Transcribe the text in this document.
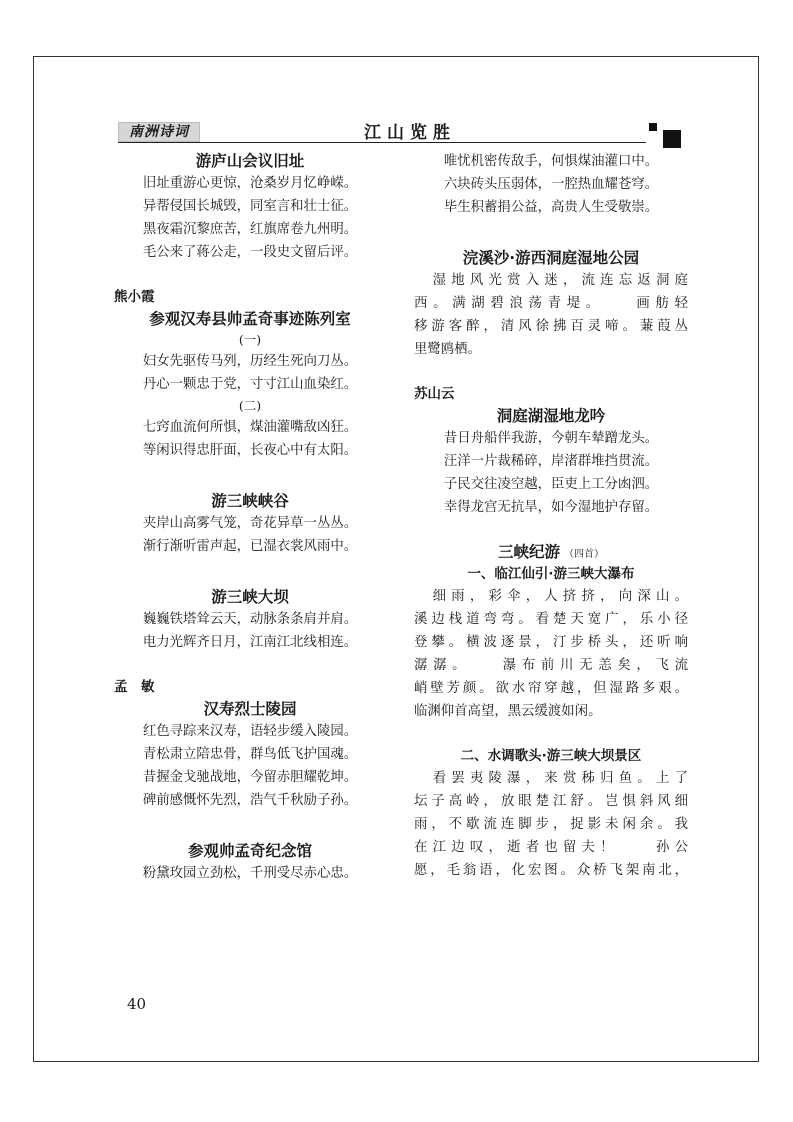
南洲诗词	江山览胜
游庐山会议旧址
旧址重游心更惊，沧桑岁月忆峥嵘。
异帮侵国长城毁，同室言和壮士征。
黑夜霜沉黎庶苦，红旗席卷九州明。
毛公来了蒋公走，一段史文留后评。
熊小霞
参观汉寿县帅孟奇事迹陈列室
(一)
妇女先驱传马列，历经生死向刀丛。
丹心一颗忠于党，寸寸江山血染红。
(二)
七窍血流何所惧，煤油灌嘴敌凶狂。
等闲识得忠肝面，长夜心中有太阳。
游三峡峡谷
夹岸山高雾气笼，奇花异草一丛丛。
渐行渐听雷声起，已湿衣裳风雨中。
游三峡大坝
巍巍铁塔耸云天，动脉条条肩并肩。
电力光辉齐日月，江南江北线相连。
孟　敏
汉寿烈士陵园
红色寻踪来汉寿，语轻步缓入陵园。
青松肃立陪忠骨，群鸟低飞护国魂。
昔握金戈驰战地，今留赤胆耀乾坤。
碑前感慨怀先烈，浩气千秋励子孙。
参观帅孟奇纪念馆
粉黛玫园立劲松，千刑受尽赤心忠。
唯忧机密传敌手，何惧煤油灌口中。
六块砖头压弱体，一腔热血耀苍穹。
毕生积蓄捐公益，高贵人生受敬崇。
浣溪沙·游西洞庭湿地公园
　湿地风光赏入迷，流连忘返洞庭
西。满湖碧浪荡青堤。　　画舫轻
移游客醉，清风徐拂百灵啼。蒹葭丛
里鹭鸥栖。
苏山云
洞庭湖湿地龙吟
昔日舟船伴我游，今朝车辇蹭龙头。
汪洋一片裁稀碎，岸渚群堆挡贯流。
子民交往凌空越，臣吏上工分凼泗。
幸得龙宫无抗旱，如今湿地护存留。
三峡纪游 （四首）
一、临江仙引·游三峡大瀑布
　细雨，彩伞，人挤挤，向深山。
溪边栈道弯弯。看楚天宽广，乐小径
登攀。横波逐景，汀步桥头，还听响
潺潺。　　瀑布前川无恙矣，飞流
峭壁芳颜。欲水帘穿越，但湿路多艰。
临渊仰首高望，黑云缓渡如闲。
二、水调歌头·游三峡大坝景区
　看罢夷陵瀑，来赏秭归鱼。上了
坛子高岭，放眼楚江舒。岂惧斜风细
雨，不歇流连脚步，捉影未闲余。我
在江边叹，逝者也留夫！　　孙公
愿，毛翁语，化宏图。众桥飞架南北，
40
